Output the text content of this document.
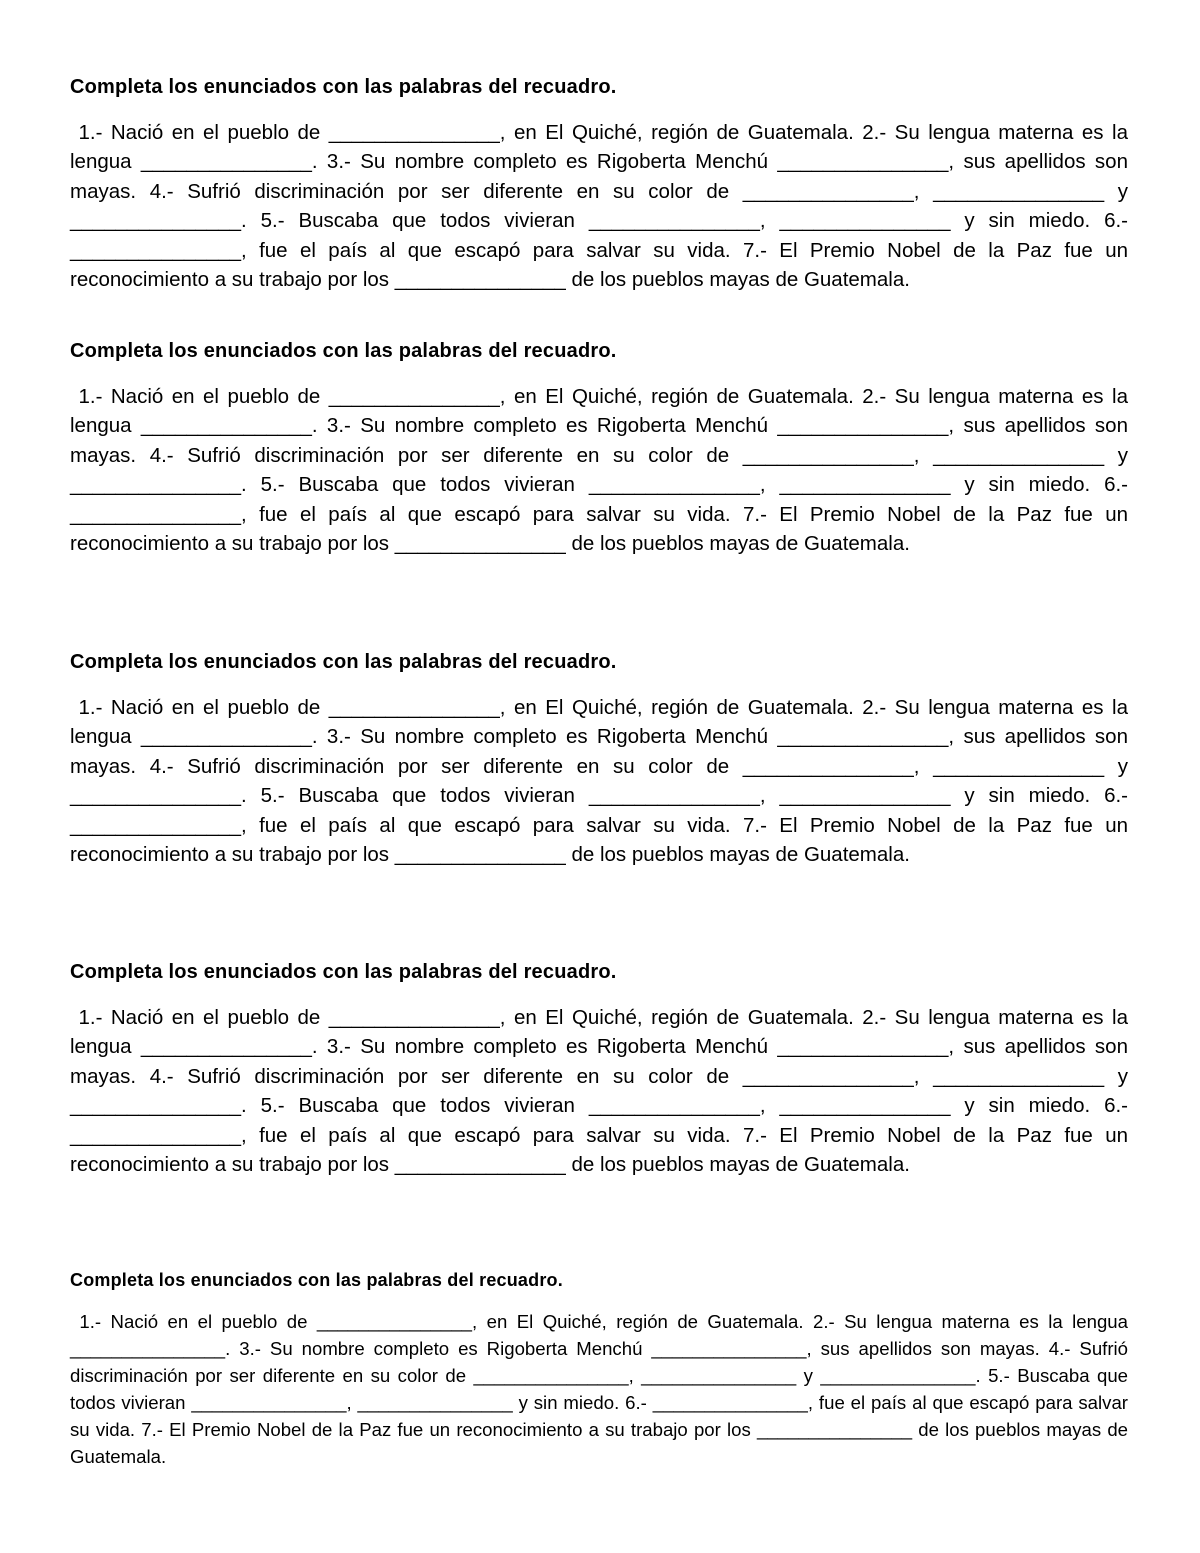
Completa los enunciados con las palabras del recuadro.

1.- Nació en el pueblo de _______________, en El Quiché, región de Guatemala. 2.- Su lengua materna es la lengua _______________. 3.- Su nombre completo es Rigoberta Menchú _______________, sus apellidos son mayas. 4.- Sufrió discriminación por ser diferente en su color de _______________, _______________ y _______________. 5.- Buscaba que todos vivieran _______________, _______________ y sin miedo. 6.- _______________, fue el país al que escapó para salvar su vida. 7.- El Premio Nobel de la Paz fue un reconocimiento a su trabajo por los _______________ de los pueblos mayas de Guatemala.

Completa los enunciados con las palabras del recuadro.

1.- Nació en el pueblo de _______________, en El Quiché, región de Guatemala. 2.- Su lengua materna es la lengua _______________. 3.- Su nombre completo es Rigoberta Menchú _______________, sus apellidos son mayas. 4.- Sufrió discriminación por ser diferente en su color de _______________, _______________ y _______________. 5.- Buscaba que todos vivieran _______________, _______________ y sin miedo. 6.- _______________, fue el país al que escapó para salvar su vida. 7.- El Premio Nobel de la Paz fue un reconocimiento a su trabajo por los _______________ de los pueblos mayas de Guatemala.

Completa los enunciados con las palabras del recuadro.

1.- Nació en el pueblo de _______________, en El Quiché, región de Guatemala. 2.- Su lengua materna es la lengua _______________. 3.- Su nombre completo es Rigoberta Menchú _______________, sus apellidos son mayas. 4.- Sufrió discriminación por ser diferente en su color de _______________, _______________ y _______________. 5.- Buscaba que todos vivieran _______________, _______________ y sin miedo. 6.- _______________, fue el país al que escapó para salvar su vida. 7.- El Premio Nobel de la Paz fue un reconocimiento a su trabajo por los _______________ de los pueblos mayas de Guatemala.

Completa los enunciados con las palabras del recuadro.

1.- Nació en el pueblo de _______________, en El Quiché, región de Guatemala. 2.- Su lengua materna es la lengua _______________. 3.- Su nombre completo es Rigoberta Menchú _______________, sus apellidos son mayas. 4.- Sufrió discriminación por ser diferente en su color de _______________, _______________ y _______________. 5.- Buscaba que todos vivieran _______________, _______________ y sin miedo. 6.- _______________, fue el país al que escapó para salvar su vida. 7.- El Premio Nobel de la Paz fue un reconocimiento a su trabajo por los _______________ de los pueblos mayas de Guatemala.

Completa los enunciados con las palabras del recuadro.

1.- Nació en el pueblo de _______________, en El Quiché, región de Guatemala. 2.- Su lengua materna es la lengua _______________. 3.- Su nombre completo es Rigoberta Menchú _______________, sus apellidos son mayas. 4.- Sufrió discriminación por ser diferente en su color de _______________, _______________ y _______________. 5.- Buscaba que todos vivieran _______________, _______________ y sin miedo. 6.- _______________, fue el país al que escapó para salvar su vida. 7.- El Premio Nobel de la Paz fue un reconocimiento a su trabajo por los _______________ de los pueblos mayas de Guatemala.
